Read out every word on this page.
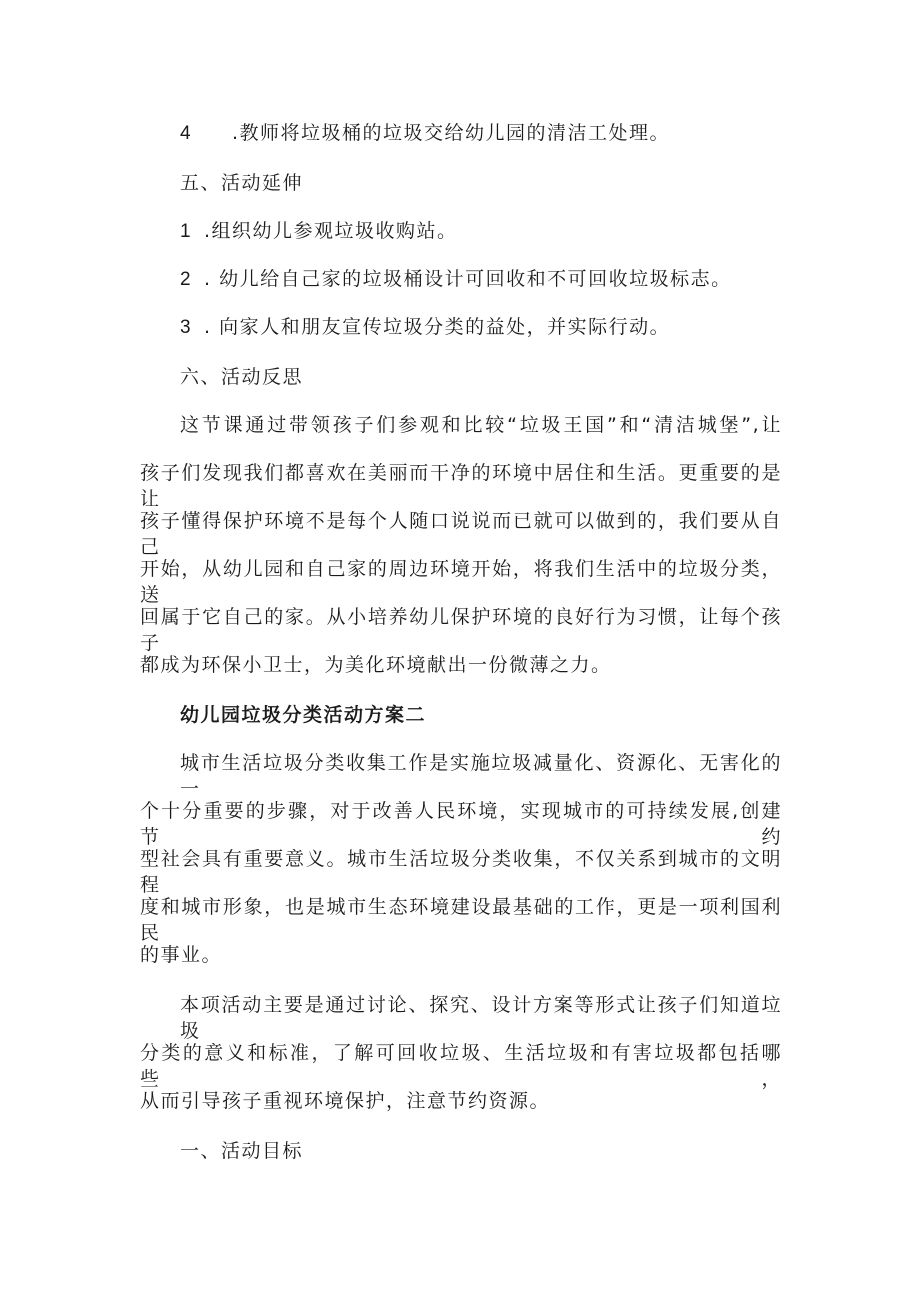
4 .教师将垃圾桶的垃圾交给幼儿园的清洁工处理。
五、活动延伸
1 .组织幼儿参观垃圾收购站。
2 . 幼儿给自己家的垃圾桶设计可回收和不可回收垃圾标志。
3 . 向家人和朋友宣传垃圾分类的益处，并实际行动。
六、活动反思
这节课通过带领孩子们参观和比较“垃圾王国”和“清洁城堡”,让
孩子们发现我们都喜欢在美丽而干净的环境中居住和生活。更重要的是让
孩子懂得保护环境不是每个人随口说说而已就可以做到的，我们要从自己
开始，从幼儿园和自己家的周边环境开始，将我们生活中的垃圾分类，送
回属于它自己的家。从小培养幼儿保护环境的良好行为习惯，让每个孩子
都成为环保小卫士，为美化环境献出一份微薄之力。
幼儿园垃圾分类活动方案二
城市生活垃圾分类收集工作是实施垃圾减量化、资源化、无害化的一
个十分重要的步骤，对于改善人民环境，实现城市的可持续发展,创建节约
型社会具有重要意义。城市生活垃圾分类收集，不仅关系到城市的文明程
度和城市形象，也是城市生态环境建设最基础的工作，更是一项利国利民
的事业。
本项活动主要是通过讨论、探究、设计方案等形式让孩子们知道垃圾
分类的意义和标准，了解可回收垃圾、生活垃圾和有害垃圾都包括哪些，
从而引导孩子重视环境保护，注意节约资源。
一、活动目标
